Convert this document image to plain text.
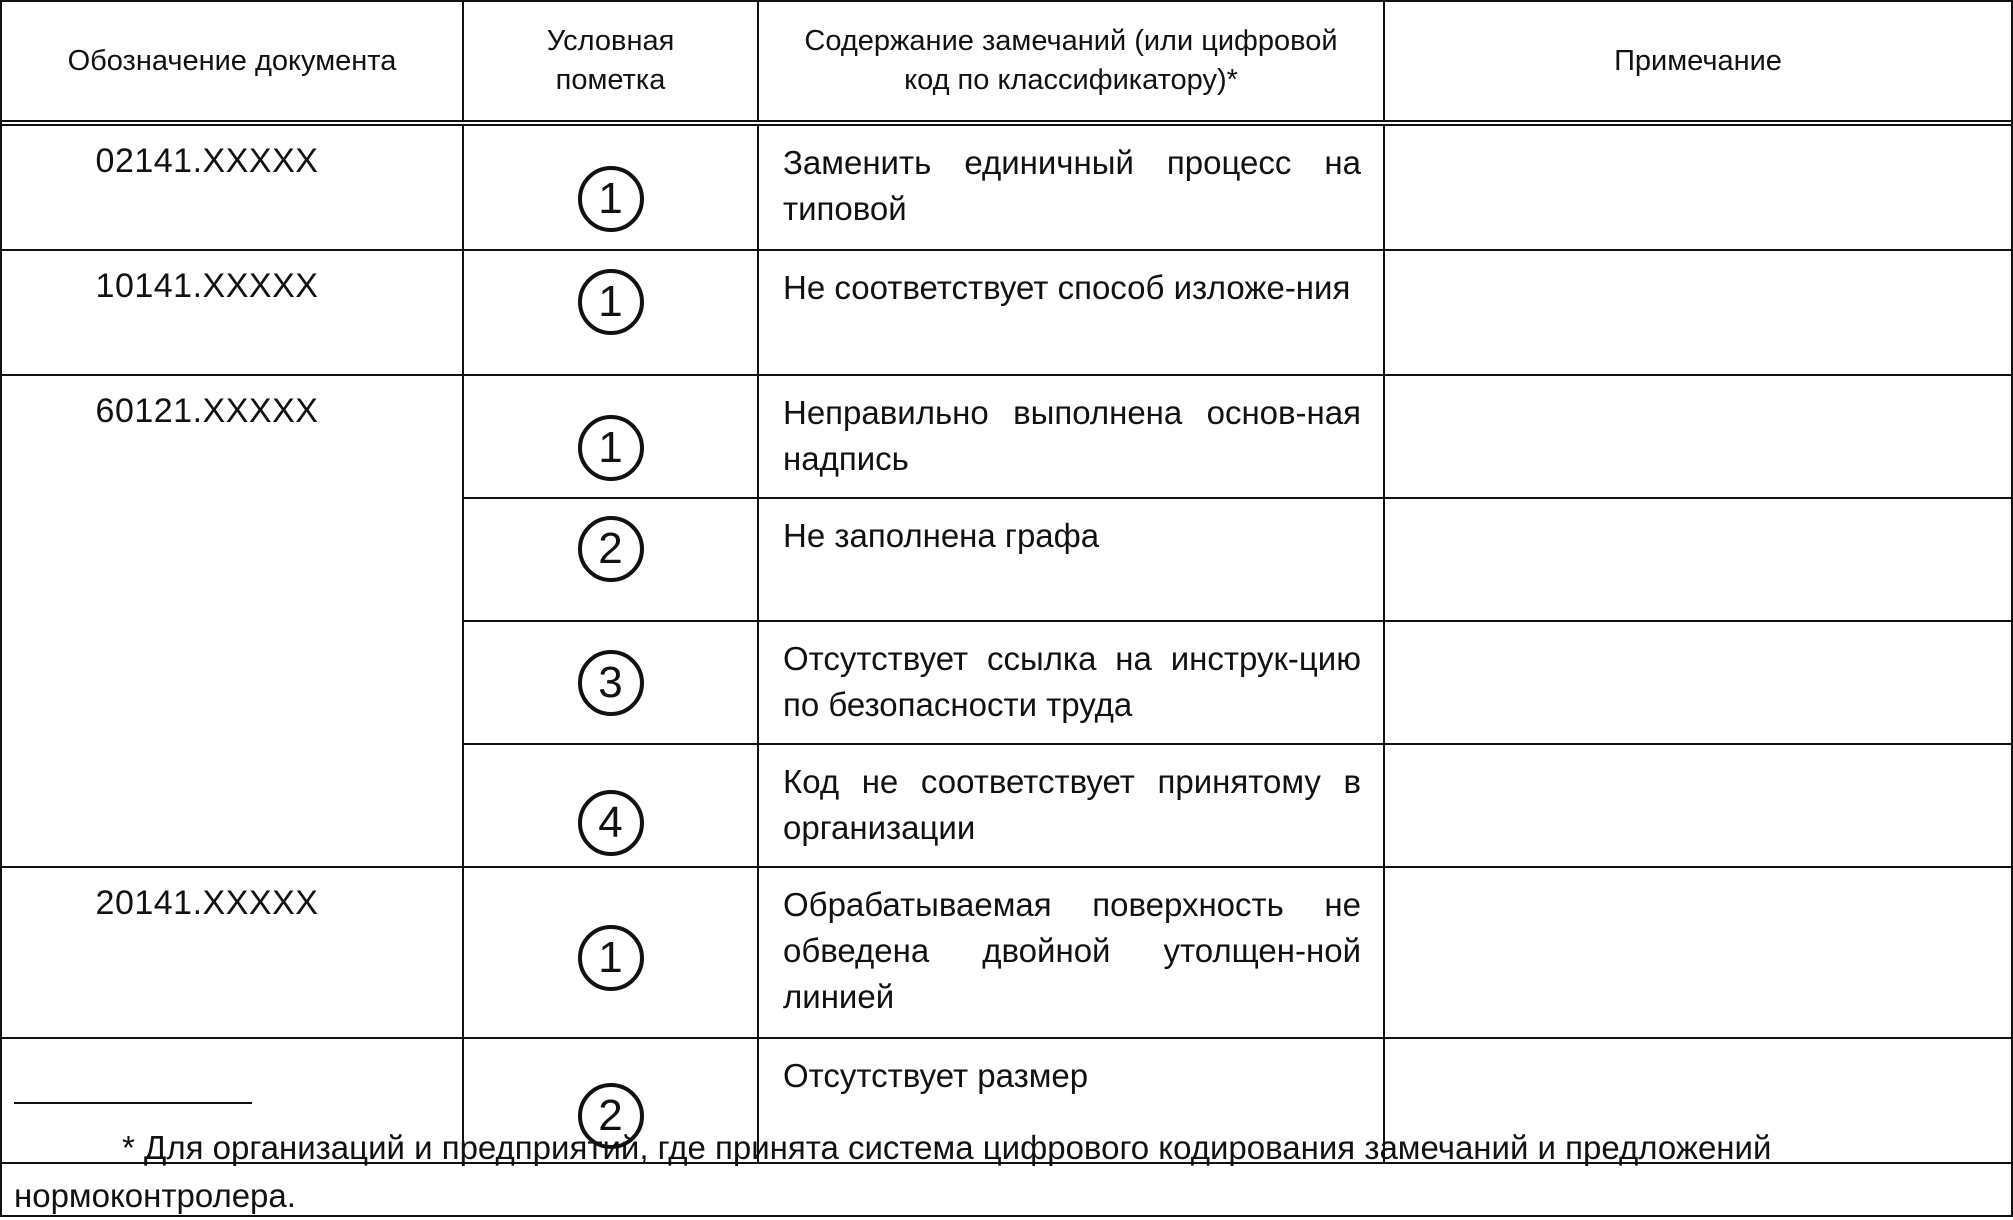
Обозначение документа	Условная пометка	Содержание замечаний (или цифровой код по классификатору)*	Примечание
02141.XXXXX	1	Заменить единичный процесс на типовой	
10141.XXXXX	1	Не соответствует способ изложе-ния	
60121.XXXXX	1	Неправильно выполнена основ-ная надпись	
	2	Не заполнена графа	
	3	Отсутствует ссылка на инструк-цию по безопасности труда	
	4	Код не соответствует принятому в организации	
20141.XXXXX	1	Обрабатываемая поверхность не обведена двойной утолщен-ной линией	
	2	Отсутствует размер	
* Для организаций и предприятий, где принята система цифрового кодирования замечаний и предложений нормоконтролера.
